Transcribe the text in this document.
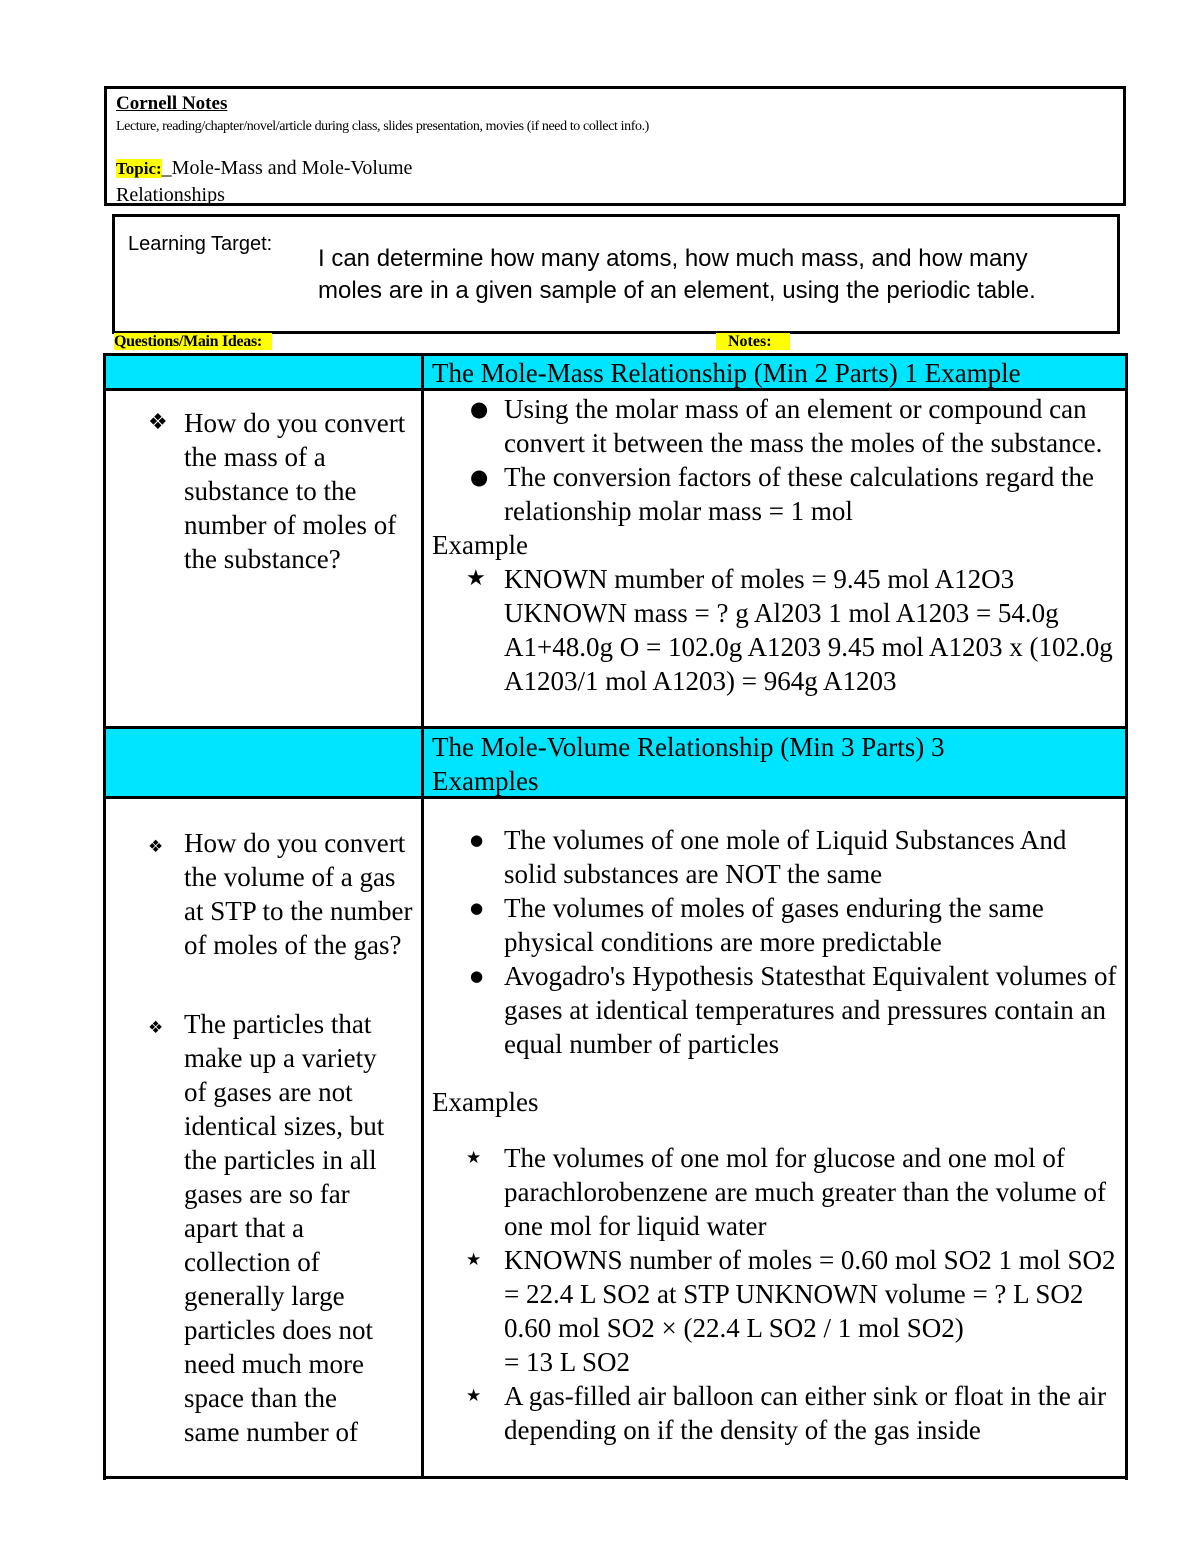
Cornell Notes
Lecture, reading/chapter/novel/article during class, slides presentation, movies (if need to collect info.)
Topic:_Mole-Mass and Mole-Volume Relationships
Learning Target:
I can determine how many atoms, how much mass, and how many moles are in a given sample of an element, using the periodic table.
Questions/Main Ideas:	Notes:
The Mole-Mass Relationship (Min 2 Parts) 1 Example
❖ How do you convert the mass of a substance to the number of moles of the substance?
● Using the molar mass of an element or compound can convert it between the mass the moles of the substance.
● The conversion factors of these calculations regard the relationship molar mass = 1 mol
Example
★ KNOWN mumber of moles = 9.45 mol A12O3 UKNOWN mass = ? g Al203 1 mol A1203 = 54.0g A1+48.0g O = 102.0g A1203 9.45 mol A1203 x (102.0g A1203/1 mol A1203) = 964g A1203
The Mole-Volume Relationship (Min 3 Parts) 3 Examples
❖ How do you convert the volume of a gas at STP to the number of moles of the gas?
❖ The particles that make up a variety of gases are not identical sizes, but the particles in all gases are so far apart that a collection of generally large particles does not need much more space than the same number of
● The volumes of one mole of Liquid Substances And solid substances are NOT the same
● The volumes of moles of gases enduring the same physical conditions are more predictable
● Avogadro's Hypothesis Statesthat Equivalent volumes of gases at identical temperatures and pressures contain an equal number of particles
Examples
★ The volumes of one mol for glucose and one mol of parachlorobenzene are much greater than the volume of one mol for liquid water
★ KNOWNS number of moles = 0.60 mol SO2 1 mol SO2 = 22.4 L SO2 at STP UNKNOWN volume = ? L SO2
0.60 mol SO2 × (22.4 L SO2 / 1 mol SO2)
= 13 L SO2
★ A gas-filled air balloon can either sink or float in the air depending on if the density of the gas inside
